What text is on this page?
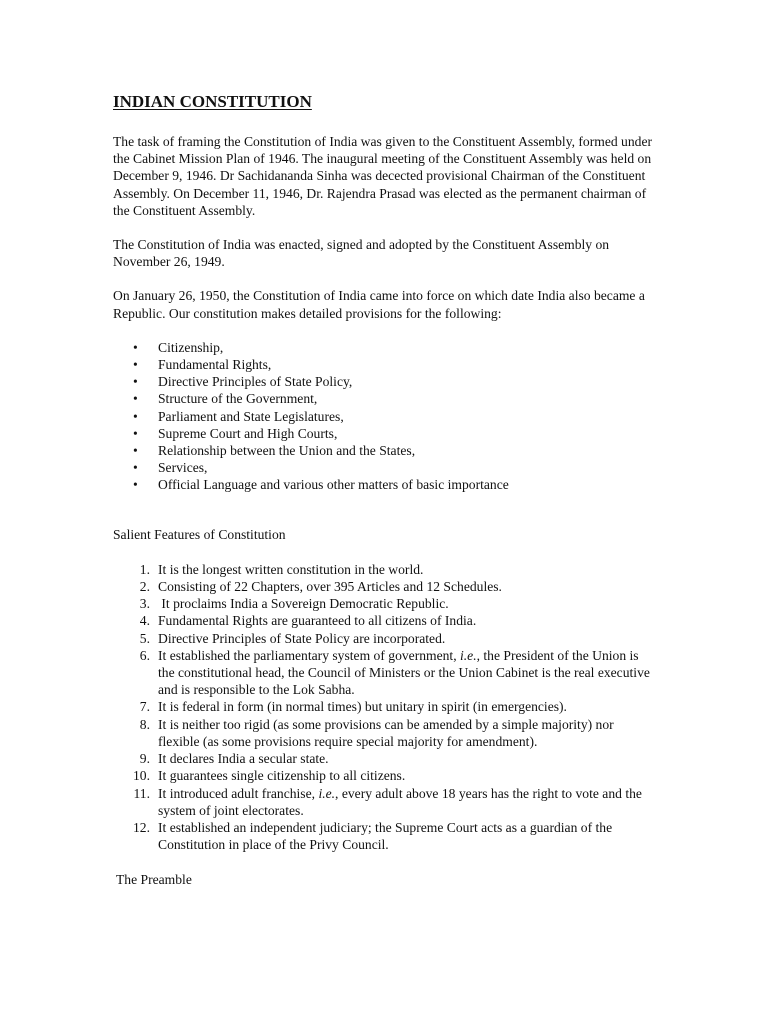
INDIAN CONSTITUTION

The task of framing the Constitution of India was given to the Constituent Assembly, formed under the Cabinet Mission Plan of 1946. The inaugural meeting of the Constituent Assembly was held on December 9, 1946. Dr Sachidananda Sinha was decected provisional Chairman of the Constituent Assembly. On December 11, 1946, Dr. Rajendra Prasad was elected as the permanent chairman of the Constituent Assembly.

The Constitution of India was enacted, signed and adopted by the Constituent Assembly on November 26, 1949.

On January 26, 1950, the Constitution of India came into force on which date India also became a Republic. Our constitution makes detailed provisions for the following:

• Citizenship,
• Fundamental Rights,
• Directive Principles of State Policy,
• Structure of the Government,
• Parliament and State Legislatures,
• Supreme Court and High Courts,
• Relationship between the Union and the States,
• Services,
• Official Language and various other matters of basic importance
Salient Features of Constitution
1. It is the longest written constitution in the world.
2. Consisting of 22 Chapters, over 395 Articles and 12 Schedules.
3. It proclaims India a Sovereign Democratic Republic.
4. Fundamental Rights are guaranteed to all citizens of India.
5. Directive Principles of State Policy are incorporated.
6. It established the parliamentary system of government, i.e., the President of the Union is the constitutional head, the Council of Ministers or the Union Cabinet is the real executive and is responsible to the Lok Sabha.
7. It is federal in form (in normal times) but unitary in spirit (in emergencies).
8. It is neither too rigid (as some provisions can be amended by a simple majority) nor flexible (as some provisions require special majority for amendment).
9. It declares India a secular state.
10. It guarantees single citizenship to all citizens.
11. It introduced adult franchise, i.e., every adult above 18 years has the right to vote and the system of joint electorates.
12. It established an independent judiciary; the Supreme Court acts as a guardian of the Constitution in place of the Privy Council.
The Preamble
